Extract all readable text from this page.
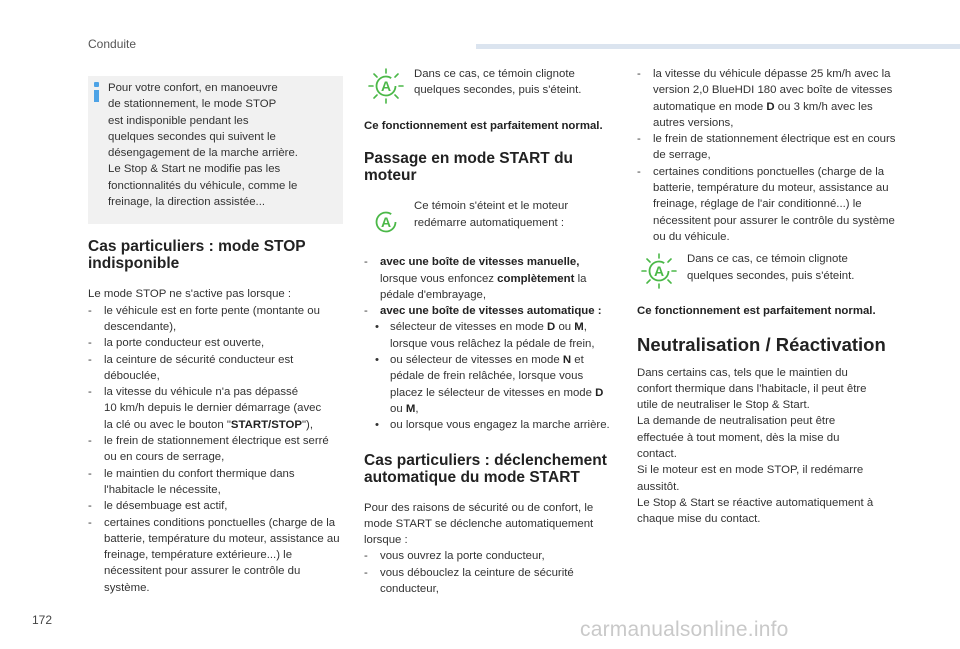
Conduite

Pour votre confort, en manoeuvre
de stationnement, le mode STOP
est indisponible pendant les
quelques secondes qui suivent le
désengagement de la marche arrière.
Le Stop & Start ne modifie pas les
fonctionnalités du véhicule, comme le
freinage, la direction assistée...

Cas particuliers : mode STOP indisponible

Le mode STOP ne s'active pas lorsque :

- le véhicule est en forte pente (montante ou descendante),
- la porte conducteur est ouverte,
- la ceinture de sécurité conducteur est débouclée,
- la vitesse du véhicule n'a pas dépassé
10 km/h depuis le dernier démarrage (avec
la clé ou avec le bouton "START/STOP"),
- le frein de stationnement électrique est serré ou en cours de serrage,
- le maintien du confort thermique dans l'habitacle le nécessite,
- le désembuage est actif,
- certaines conditions ponctuelles (charge de la batterie, température du moteur, assistance au freinage, température extérieure...) le nécessitent pour assurer le contrôle du système.
A

Dans ce cas, ce témoin clignote quelques secondes, puis s'éteint.

Ce fonctionnement est parfaitement normal.

Passage en mode START du moteur
A

Ce témoin s'éteint et le moteur redémarre automatiquement :

- avec une boîte de vitesses manuelle,
lorsque vous enfoncez complètement la pédale d'embrayage,
- avec une boîte de vitesses automatique :
• sélecteur de vitesses en mode D ou M, lorsque vous relâchez la pédale de frein,
• ou sélecteur de vitesses en mode N et pédale de frein relâchée, lorsque vous placez le sélecteur de vitesses en mode D ou M,
• ou lorsque vous engagez la marche arrière.
Cas particuliers : déclenchement automatique du mode START

Pour des raisons de sécurité ou de confort, le mode START se déclenche automatiquement lorsque :

- vous ouvrez la porte conducteur,
- vous débouclez la ceinture de sécurité conducteur,
- la vitesse du véhicule dépasse 25 km/h avec la version 2,0 BlueHDI 180 avec boîte de vitesses automatique en mode D ou 3 km/h avec les autres versions,
- le frein de stationnement électrique est en cours de serrage,
- certaines conditions ponctuelles (charge de la batterie, température du moteur, assistance au freinage, réglage de l'air conditionné...) le nécessitent pour assurer le contrôle du système ou du véhicule.
A

Dans ce cas, ce témoin clignote quelques secondes, puis s'éteint.

Ce fonctionnement est parfaitement normal.

Neutralisation / Réactivation

Dans certains cas, tels que le maintien du
confort thermique dans l'habitacle, il peut être
utile de neutraliser le Stop & Start.
La demande de neutralisation peut être
effectuée à tout moment, dès la mise du
contact.
Si le moteur est en mode STOP, il redémarre
aussitôt.
Le Stop & Start se réactive automatiquement à
chaque mise du contact.

172	carmanualsonline.info
